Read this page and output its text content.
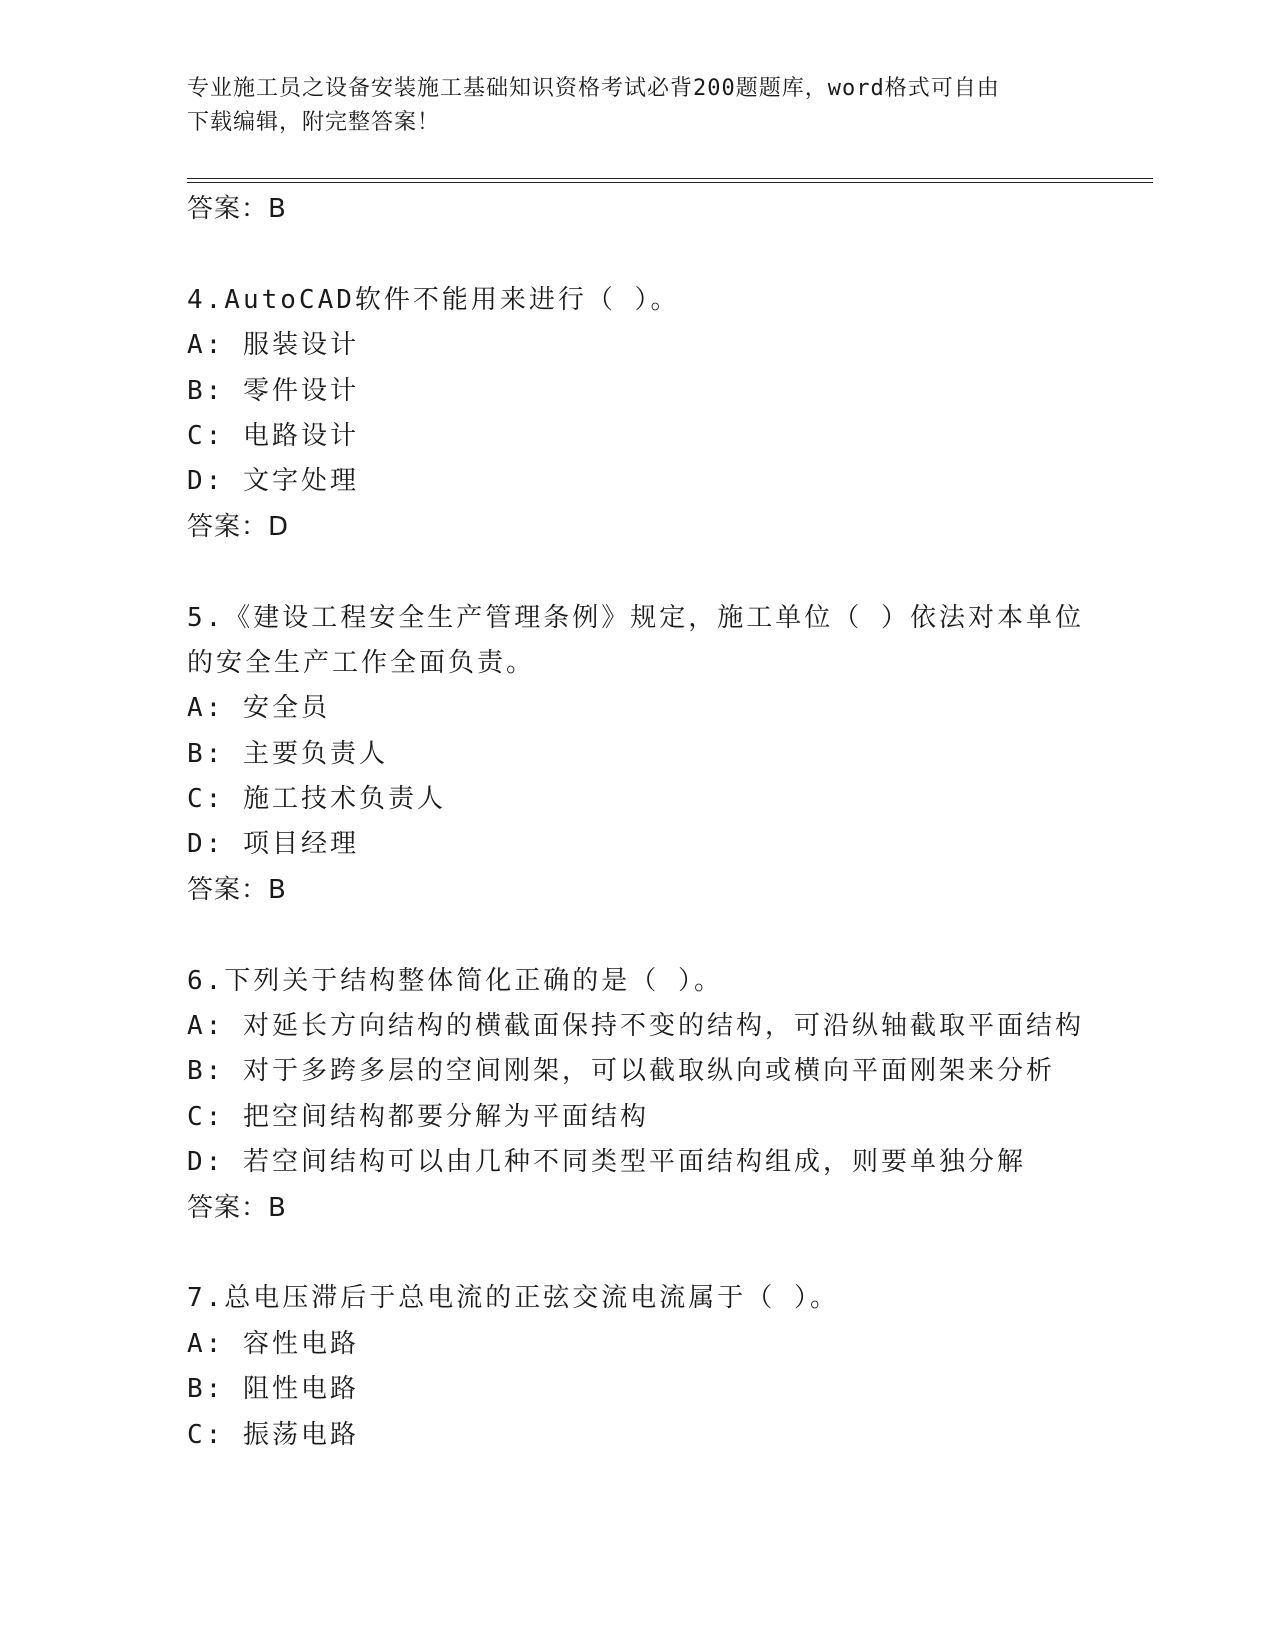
专业施工员之设备安装施工基础知识资格考试必背200题题库，word格式可自由
下载编辑，附完整答案！
答案：B
4.AutoCAD软件不能用来进行（ ）。
A: 服装设计
B: 零件设计
C: 电路设计
D: 文字处理
答案：D
5.《建设工程安全生产管理条例》规定，施工单位（ ）依法对本单位
的安全生产工作全面负责。
A: 安全员
B: 主要负责人
C: 施工技术负责人
D: 项目经理
答案：B
6.下列关于结构整体简化正确的是（ ）。
A: 对延长方向结构的横截面保持不变的结构，可沿纵轴截取平面结构
B: 对于多跨多层的空间刚架，可以截取纵向或横向平面刚架来分析
C: 把空间结构都要分解为平面结构
D: 若空间结构可以由几种不同类型平面结构组成，则要单独分解
答案：B
7.总电压滞后于总电流的正弦交流电流属于（ ）。
A: 容性电路
B: 阻性电路
C: 振荡电路
